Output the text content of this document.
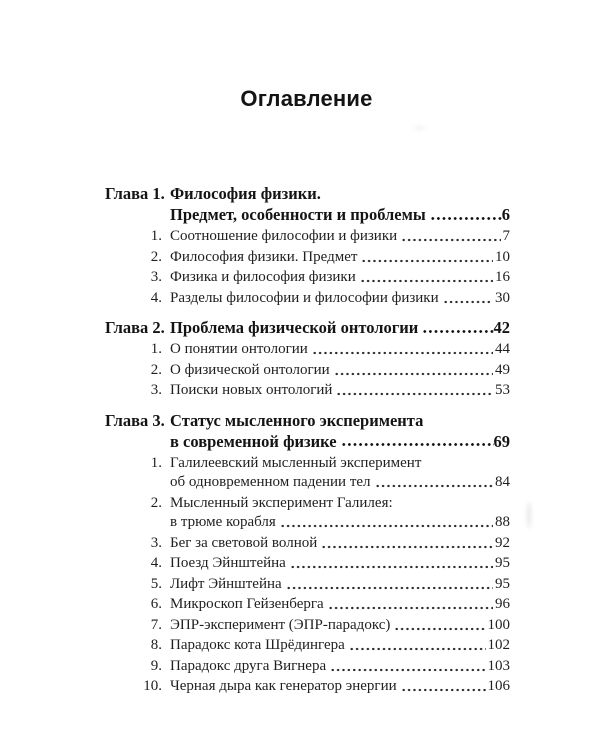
Оглавление
Глава 1. Философия физики.
Предмет, особенности и проблемы	6
1. Соотношение философии и физики	7
2. Философия физики. Предмет	10
3. Физика и философия физики	16
4. Разделы философии и философии физики	30
Глава 2. Проблема физической онтологии	42
1. О понятии онтологии	44
2. О физической онтологии	49
3. Поиски новых онтологий	53
Глава 3. Статус мысленного эксперимента
в современной физике	69
1. Галилеевский мысленный эксперимент
об одновременном падении тел	84
2. Мысленный эксперимент Галилея:
в трюме корабля	88
3. Бег за световой волной	92
4. Поезд Эйнштейна	95
5. Лифт Эйнштейна	95
6. Микроскоп Гейзенберга	96
7. ЭПР-эксперимент (ЭПР-парадокс)	100
8. Парадокс кота Шрёдингера	102
9. Парадокс друга Вигнера	103
10. Черная дыра как генератор энергии	106
